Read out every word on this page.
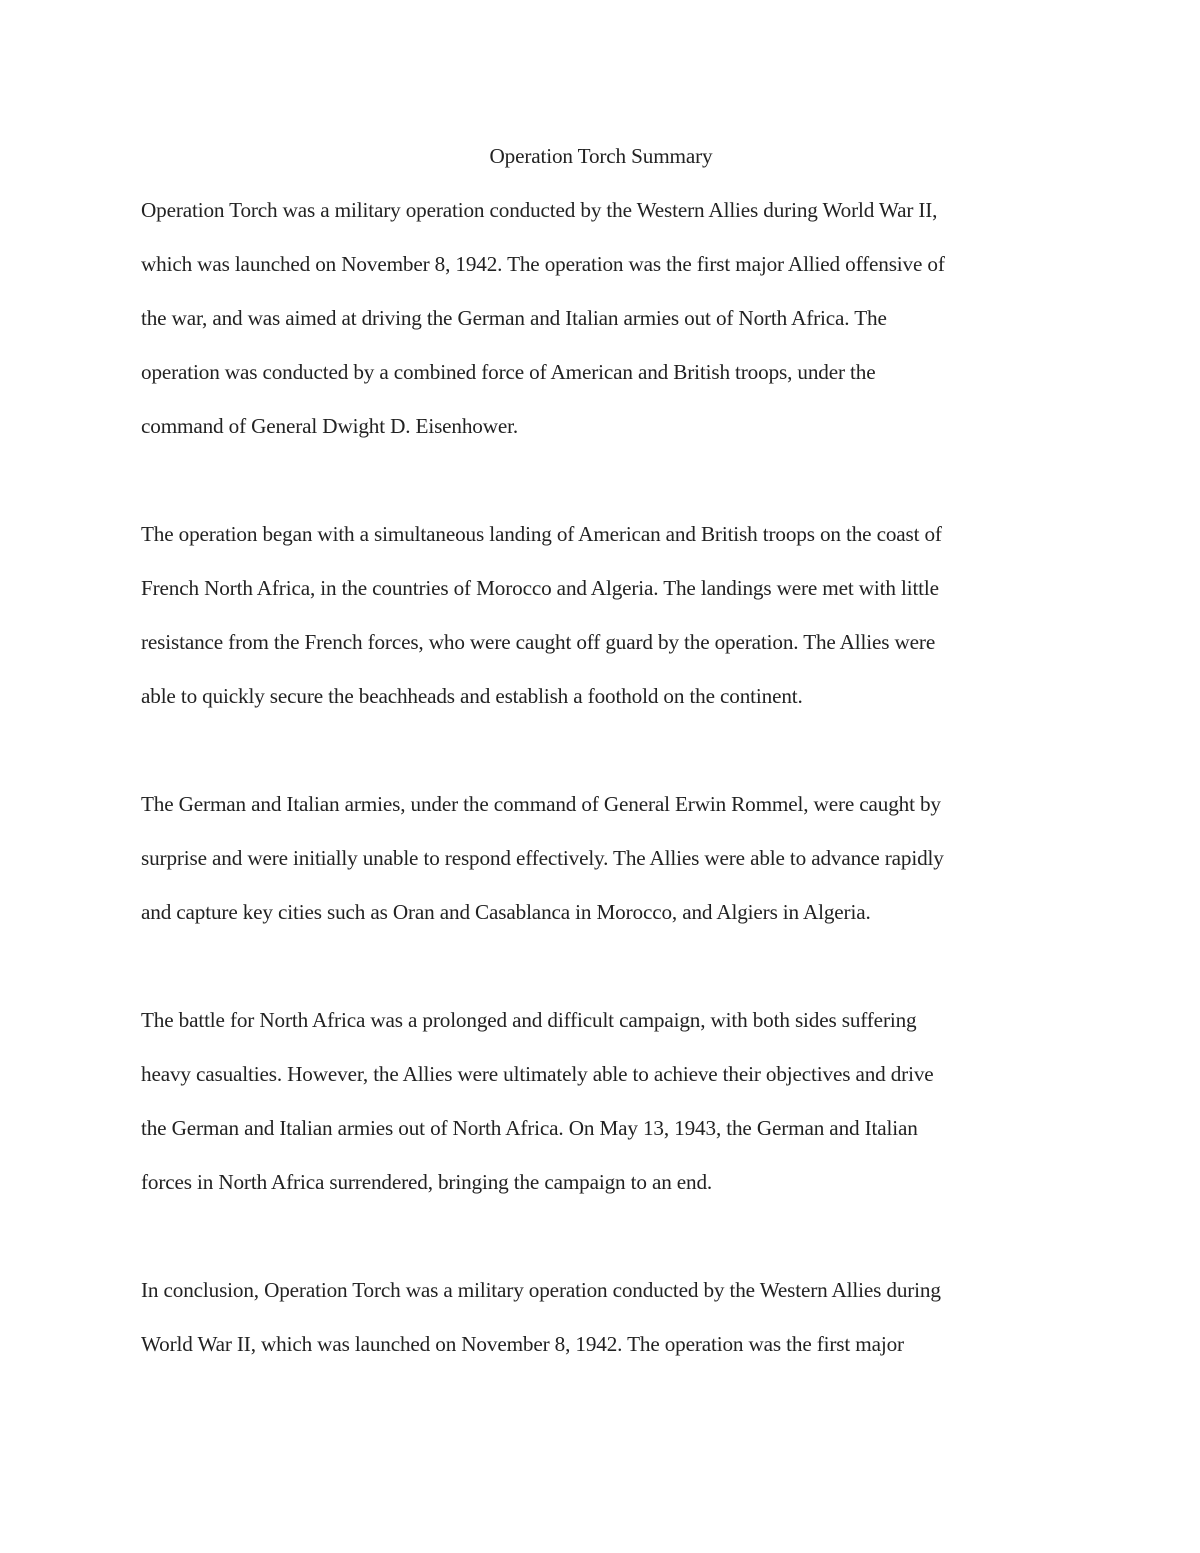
Operation Torch Summary
Operation Torch was a military operation conducted by the Western Allies during World War II,
which was launched on November 8, 1942. The operation was the first major Allied offensive of
the war, and was aimed at driving the German and Italian armies out of North Africa. The
operation was conducted by a combined force of American and British troops, under the
command of General Dwight D. Eisenhower.
The operation began with a simultaneous landing of American and British troops on the coast of
French North Africa, in the countries of Morocco and Algeria. The landings were met with little
resistance from the French forces, who were caught off guard by the operation. The Allies were
able to quickly secure the beachheads and establish a foothold on the continent.
The German and Italian armies, under the command of General Erwin Rommel, were caught by
surprise and were initially unable to respond effectively. The Allies were able to advance rapidly
and capture key cities such as Oran and Casablanca in Morocco, and Algiers in Algeria.
The battle for North Africa was a prolonged and difficult campaign, with both sides suffering
heavy casualties. However, the Allies were ultimately able to achieve their objectives and drive
the German and Italian armies out of North Africa. On May 13, 1943, the German and Italian
forces in North Africa surrendered, bringing the campaign to an end.
In conclusion, Operation Torch was a military operation conducted by the Western Allies during
World War II, which was launched on November 8, 1942. The operation was the first major
